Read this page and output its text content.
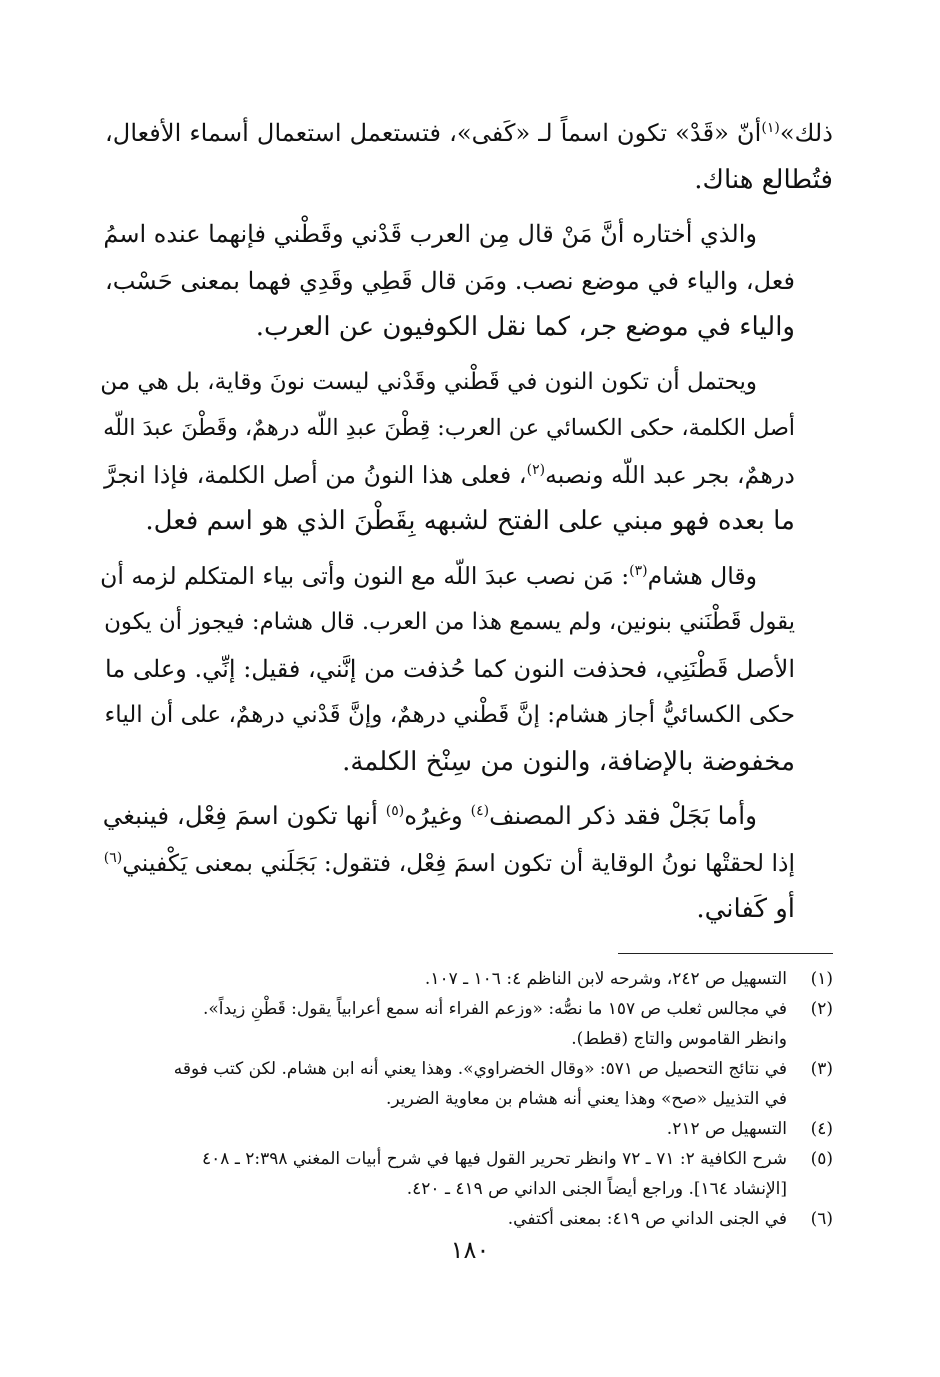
ذلك»$^{(١)}$أنّ «قَدْ» تكون اسماً لـ «كَفى»، فتستعمل استعمال أسماء الأفعال،
فتُطالع هناك.

والذي أختاره أنَّ مَنْ قال مِن العرب قَدْني وقَطْني فإنهما عنده اسمُ
فعل، والياء في موضع نصب. ومَن قال قَطِي وقَدِي فهما بمعنى حَسْب،
والياء في موضع جر، كما نقل الكوفيون عن العرب.

ويحتمل أن تكون النون في قَطْني وقَدْني ليست نونَ وقاية، بل هي من
أصل الكلمة، حكى الكسائي عن العرب: قِطْنَ عبدِ اللّه درهمٌ، وقَطْنَ عبدَ اللّه
درهمٌ، بجر عبد اللّه ونصبه$^{(٢)}$، فعلى هذا النونُ من أصل الكلمة، فإذا انجرَّ
ما بعده فهو مبني على الفتح لشبهه بِقَطْنَ الذي هو اسم فعل.

وقال هشام$^{(٣)}$: مَن نصب عبدَ اللّه مع النون وأتى بياء المتكلم لزمه أن
يقول قَطْنَني بنونين، ولم يسمع هذا من العرب. قال هشام: فيجوز أن يكون
الأصل قَطْنَنِي، فحذفت النون كما حُذفت من إنَّني، فقيل: إنِّي. وعلى ما
حكى الكسائيُّ أجاز هشام: إنَّ قَطْني درهمٌ، وإنَّ قَدْني درهمٌ، على أن الياء
مخفوضة بالإضافة، والنون من سِنْخ الكلمة.

وأما بَجَلْ فقد ذكر المصنف$^{(٤)}$ وغيرُه$^{(٥)}$ أنها تكون اسمَ فِعْل، فينبغي
إذا لحقتْها نونُ الوقاية أن تكون اسمَ فِعْل، فتقول: بَجَلَني بمعنى يَكْفيني$^{(٦)}$
أو كَفاني.

(١)
التسهيل ص ٢٤٢، وشرحه لابن الناظم ٤: ١٠٦ ـ ١٠٧.
(٢)
في مجالس ثعلب ص ١٥٧ ما نصُّه: «وزعم الفراء أنه سمع أعرابياً يقول: قَطْنِ زيداً».
وانظر القاموس والتاج (قطط).
(٣)
في نتائج التحصيل ص ٥٧١: «وقال الخضراوي». وهذا يعني أنه ابن هشام. لكن كتب فوقه
في التذييل «صح» وهذا يعني أنه هشام بن معاوية الضرير.
(٤)
التسهيل ص ٢١٢.
(٥)
شرح الكافية ٢: ٧١ ـ ٧٢ وانظر تحرير القول فيها في شرح أبيات المغني ٢:٣٩٨ ـ ٤٠٨
[الإنشاد ١٦٤]. وراجع أيضاً الجنى الداني ص ٤١٩ ـ ٤٢٠.
(٦)
في الجنى الداني ص ٤١٩: بمعنى أكتفي.
١٨٠
